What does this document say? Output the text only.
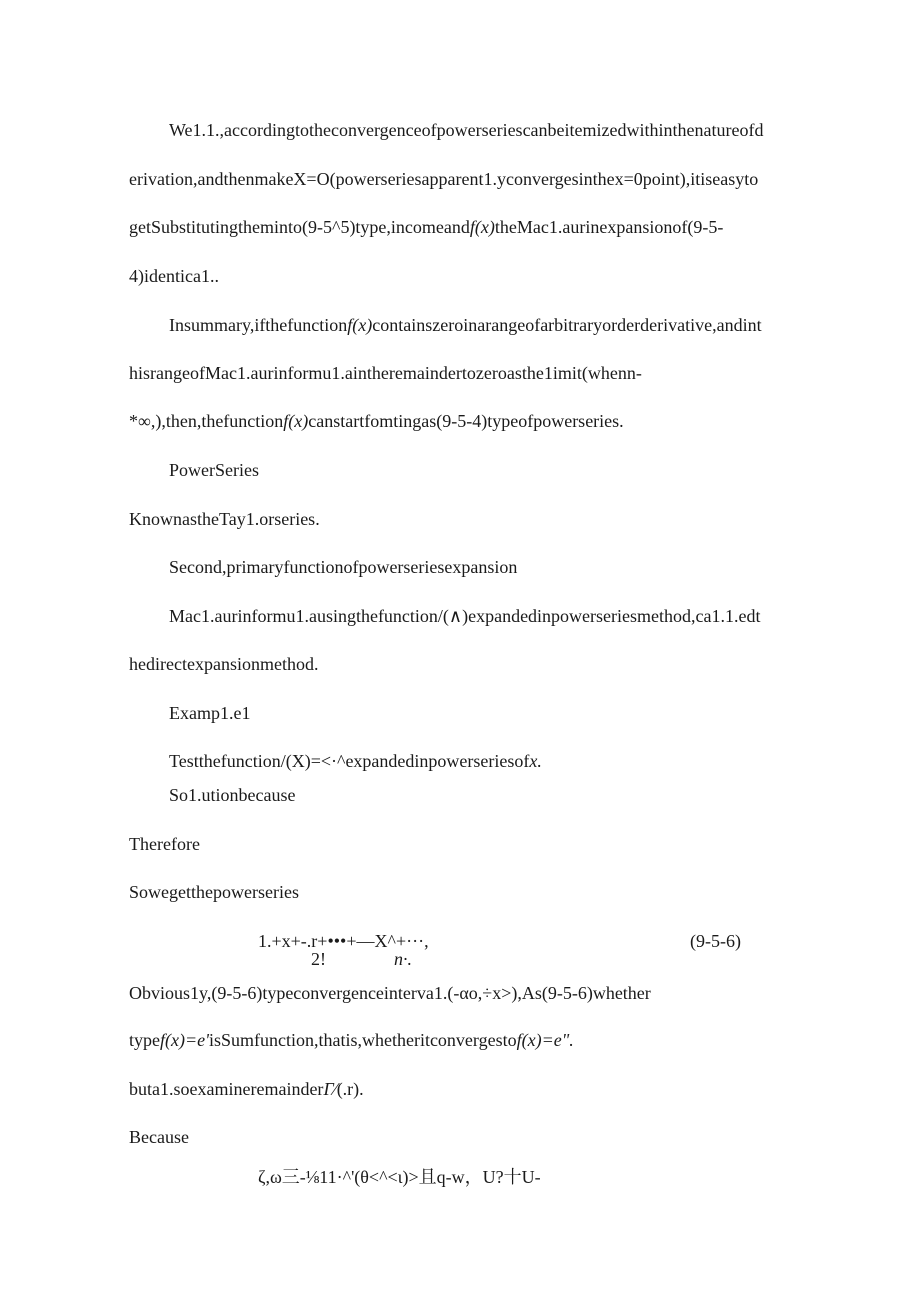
We1.1.,accordingtotheconvergenceofpowerseriescanbeitemizedwithinthenatureofd
erivation,andthenmakeX=O(powerseriesapparent1.yconvergesinthex=0point),itiseasyto
getSubstitutingtheminto(9-5^5)type,incomeandf(x)theMac1.aurinexpansionof(9-5-
4)identica1..
Insummary,ifthefunctionf(x)containszeroinarangeofarbitraryorderderivative,andint
hisrangeofMac1.aurinformu1.aintheremaindertozeroasthe1imit(whenn-
*∞,),then,thefunctionf(x)canstartfomtingas(9-5-4)typeofpowerseries.
PowerSeries
KnownastheTay1.orseries.
Second,primaryfunctionofpowerseriesexpansion
Mac1.aurinformu1.ausingthefunction/(∧)expandedinpowerseriesmethod,ca1.1.edt
hedirectexpansionmethod.
Examp1.e1
Testthefunction/(X)=<·^expandedinpowerseriesofx.
So1.utionbecause
Therefore
Sowegetthepowerseries
1.+x+-.r+•••+—X^+···,
2!	n·.
(9-5-6)
Obvious1y,(9-5-6)typeconvergenceinterva1.(-αo,÷x>),As(9-5-6)whether
typef(x)=e'isSumfunction,thatis,whetheritconvergestof(x)=e".
buta1.soexamineremainderΓ⁄(.r).
Because
ζ,ω三-⅛11·^'(θ<^<ι)>且q-w，U?十U-
